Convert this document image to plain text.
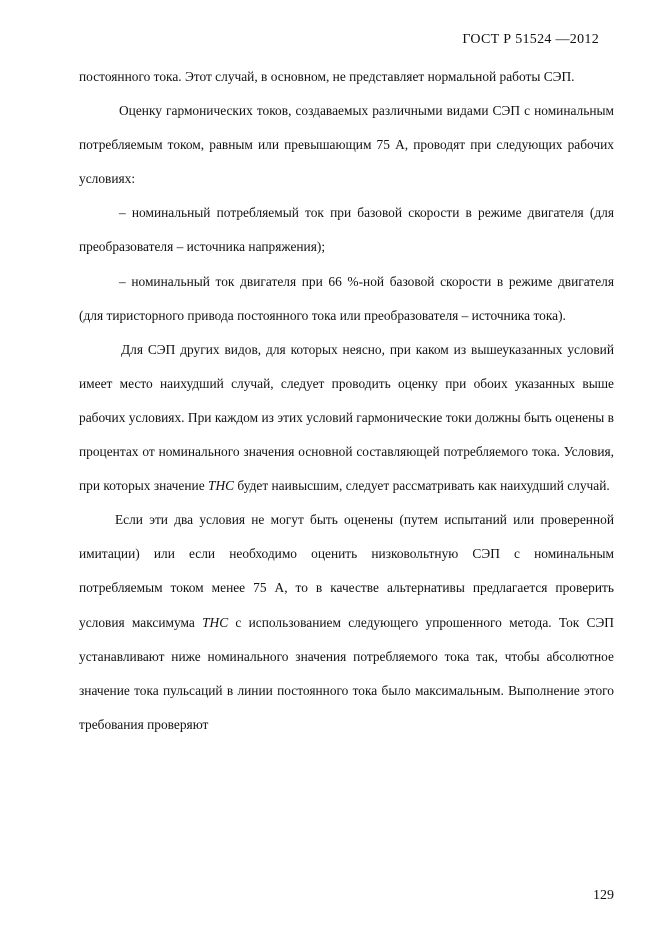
ГОСТ Р 51524 —2012

постоянного тока. Этот случай, в основном, не представляет нормальной работы СЭП.

Оценку гармонических токов, создаваемых различными видами СЭП с номинальным потребляемым током, равным или превышающим 75 А, проводят при следующих рабочих условиях:

– номинальный потребляемый ток при базовой скорости в режиме двигателя (для преобразователя – источника напряжения);

– номинальный ток двигателя при 66 %-ной базовой скорости в режиме двигателя (для тиристорного привода постоянного тока или преобразователя – источника тока).

Для СЭП других видов, для которых неясно, при каком из вышеуказанных условий имеет место наихудший случай, следует проводить оценку при обоих указанных выше рабочих условиях. При каждом из этих условий гармонические токи должны быть оценены в процентах от номинального значения основной составляющей потребляемого тока. Условия, при которых значение THC будет наивысшим, следует рассматривать как наихудший случай.

Если эти два условия не могут быть оценены (путем испытаний или проверенной имитации) или если необходимо оценить низковольтную СЭП с номинальным потребляемым током менее 75 А, то в качестве альтернативы предлагается проверить условия максимума THC с использованием следующего упрошенного метода. Ток СЭП устанавливают ниже номинального значения потребляемого тока так, чтобы абсолютное значение тока пульсаций в линии постоянного тока было максимальным. Выполнение этого требования проверяют

129
